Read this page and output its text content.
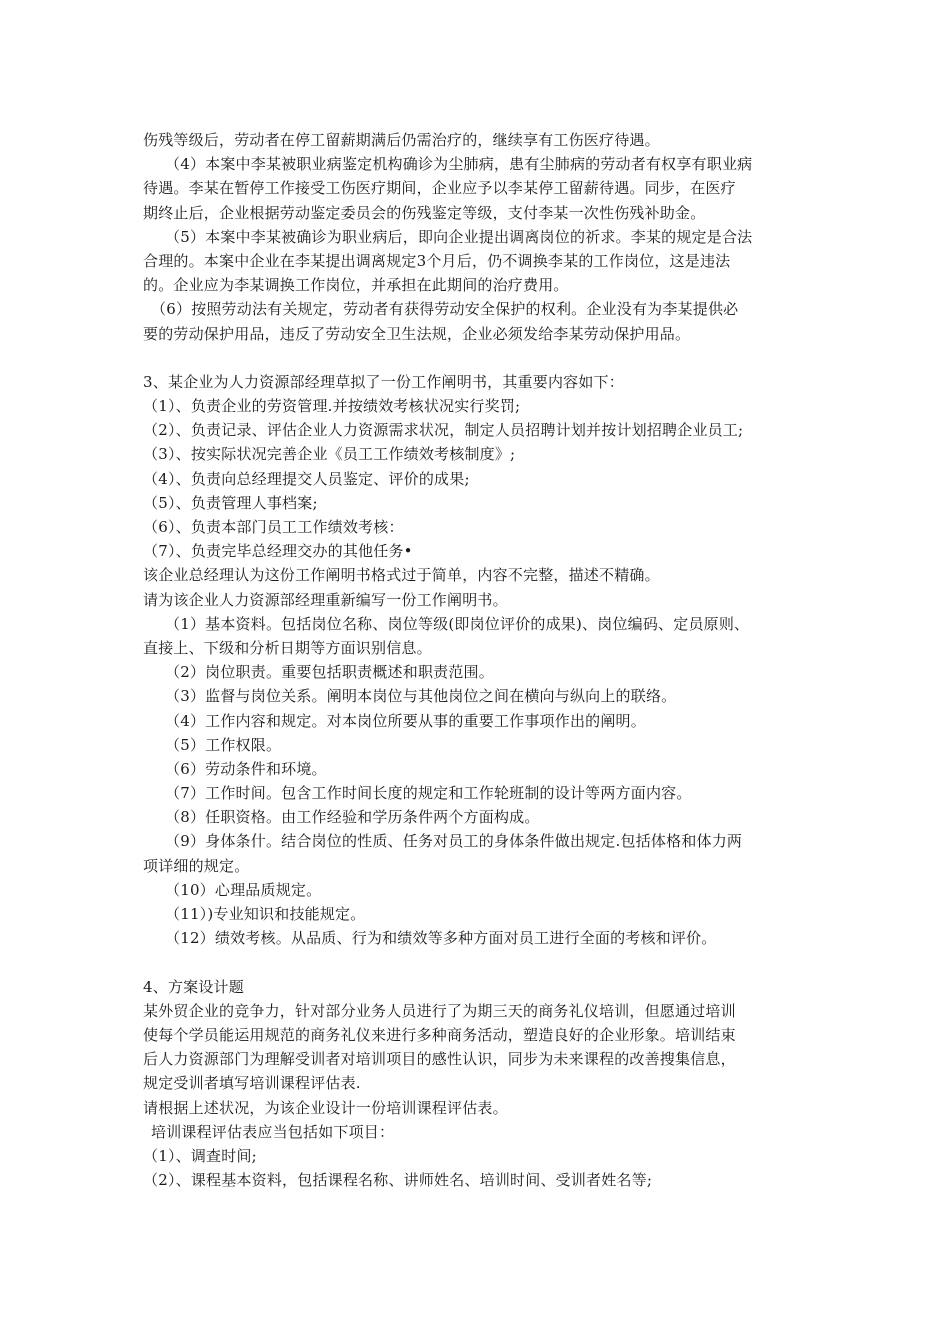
伤残等级后，劳动者在停工留薪期满后仍需治疗的，继续享有工伤医疗待遇。
（4）本案中李某被职业病鉴定机构确诊为尘肺病，患有尘肺病的劳动者有权享有职业病
待遇。李某在暂停工作接受工伤医疗期间，企业应予以李某停工留薪待遇。同步，在医疗
期终止后，企业根据劳动鉴定委员会的伤残鉴定等级，支付李某一次性伤残补助金。
（5）本案中李某被确诊为职业病后，即向企业提出调离岗位的祈求。李某的规定是合法
合理的。本案中企业在李某提出调离规定3个月后，仍不调换李某的工作岗位，这是违法
的。企业应为李某调换工作岗位，并承担在此期间的治疗费用。
（6）按照劳动法有关规定，劳动者有获得劳动安全保护的权利。企业没有为李某提供必
要的劳动保护用品，违反了劳动安全卫生法规，企业必须发给李某劳动保护用品。
3、某企业为人力资源部经理草拟了一份工作阐明书，其重要内容如下：
（1）、负责企业的劳资管理.并按绩效考核状况实行奖罚;
（2）、负责记录、评估企业人力资源需求状况，制定人员招聘计划并按计划招聘企业员工;
（3）、按实际状况完善企业《员工工作绩效考核制度》;
（4）、负责向总经理提交人员鉴定、评价的成果;
（5）、负责管理人事档案;
（6）、负责本部门员工工作绩效考核：
（7）、负责完毕总经理交办的其他任务•
该企业总经理认为这份工作阐明书格式过于简单，内容不完整，描述不精确。
请为该企业人力资源部经理重新编写一份工作阐明书。
（1）基本资料。包括岗位名称、岗位等级(即岗位评价的成果)、岗位编码、定员原则、
直接上、下级和分析日期等方面识别信息。
（2）岗位职责。重要包括职责概述和职责范围。
（3）监督与岗位关系。阐明本岗位与其他岗位之间在横向与纵向上的联络。
（4）工作内容和规定。对本岗位所要从事的重要工作事项作出的阐明。
（5）工作权限。
（6）劳动条件和环境。
（7）工作时间。包含工作时间长度的规定和工作轮班制的设计等两方面内容。
（8）任职资格。由工作经验和学历条件两个方面构成。
（9）身体条什。结合岗位的性质、任务对员工的身体条件做出规定.包括体格和体力两
项详细的规定。
（10）心理品质规定。
（11）)专业知识和技能规定。
（12）绩效考核。从品质、行为和绩效等多种方面对员工进行全面的考核和评价。
4、方案设计题
某外贸企业的竞争力，针对部分业务人员进行了为期三天的商务礼仪培训，但愿通过培训
使每个学员能运用规范的商务礼仪来进行多种商务活动，塑造良好的企业形象。培训结束
后人力资源部门为理解受训者对培训项目的感性认识，同步为未来课程的改善搜集信息，
规定受训者填写培训课程评估表.
请根据上述状况，为该企业设计一份培训课程评估表。
培训课程评估表应当包括如下项目：
（1）、调查时间;
（2）、课程基本资料，包括课程名称、讲师姓名、培训时间、受训者姓名等;
